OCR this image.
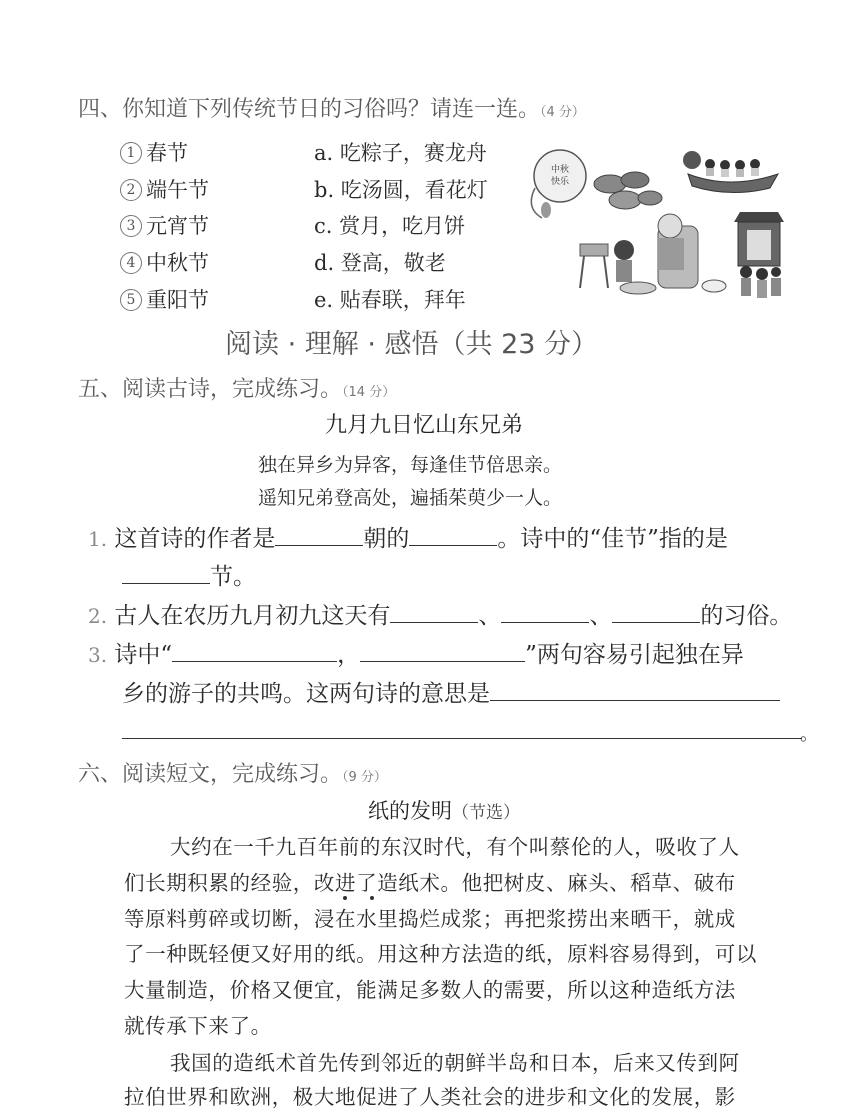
四、你知道下列传统节日的习俗吗？请连一连。（4 分）
1 春节
2 端午节
3 元宵节
4 中秋节
5 重阳节
a. 吃粽子，赛龙舟
b. 吃汤圆，看花灯
c. 赏月，吃月饼
d. 登高，敬老
e. 贴春联，拜年
中秋
快乐
阅读 · 理解 · 感悟（共 23 分）
五、阅读古诗，完成练习。（14 分）
九月九日忆山东兄弟
独在异乡为异客，每逢佳节倍思亲。
遥知兄弟登高处，遍插茱萸少一人。
1. 这首诗的作者是	朝的	。诗中的“佳节”指的是
节。
2. 古人在农历九月初九这天有	、	、	的习俗。
3. 诗中“	，	”两句容易引起独在异
乡的游子的共鸣。这两句诗的意思是
。
六、阅读短文，完成练习。（9 分）
纸的发明（节选）
大约在一千九百年前的东汉时代，有个叫蔡伦的人，吸收了人
们长期积累的经验，改进了造纸术。他把树皮、麻头、稻草、破布
等原料剪碎或切断，浸在水里捣烂成浆；再把浆捞出来晒干，就成
了一种既轻便又好用的纸。用这种方法造的纸，原料容易得到，可以
大量制造，价格又便宜，能满足多数人的需要，所以这种造纸方法
就传承下来了。
我国的造纸术首先传到邻近的朝鲜半岛和日本，后来又传到阿
拉伯世界和欧洲，极大地促进了人类社会的进步和文化的发展，影
